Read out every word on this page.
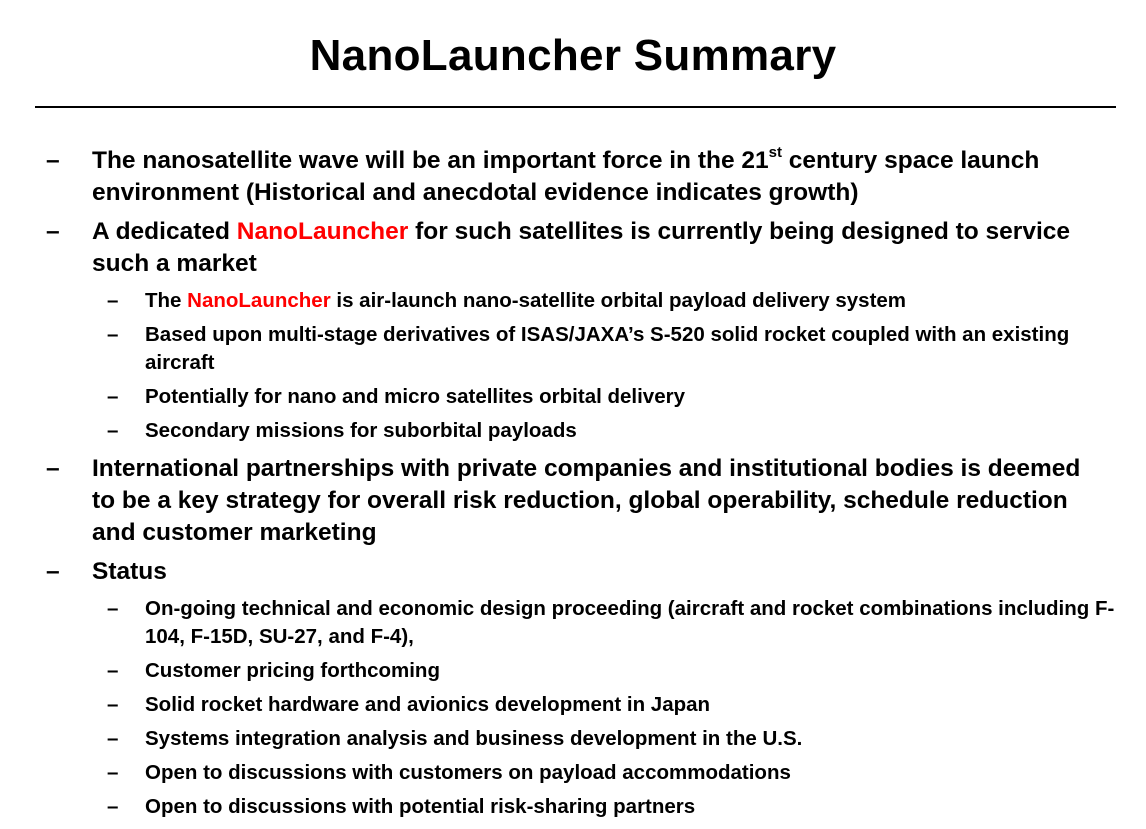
NanoLauncher Summary
– The nanosatellite wave will be an important force in the 21st century space launch environment (Historical and anecdotal evidence indicates growth)
– A dedicated NanoLauncher for such satellites is currently being designed to service such a market
– The NanoLauncher is air-launch nano-satellite orbital payload delivery system
– Based upon multi-stage derivatives of ISAS/JAXA’s S-520 solid rocket coupled with an existing aircraft
– Potentially for nano and micro satellites orbital delivery
– Secondary missions for suborbital payloads
– International partnerships with private companies and institutional bodies is deemed to be a key strategy for overall risk reduction, global operability, schedule reduction and customer marketing
– Status
– On-going technical and economic design proceeding (aircraft and rocket combinations including F-104, F-15D, SU-27, and F-4),
– Customer pricing forthcoming
– Solid rocket hardware and avionics development in Japan
– Systems integration analysis and business development in the U.S.
– Open to discussions with customers on payload accommodations
– Open to discussions with potential risk-sharing partners
